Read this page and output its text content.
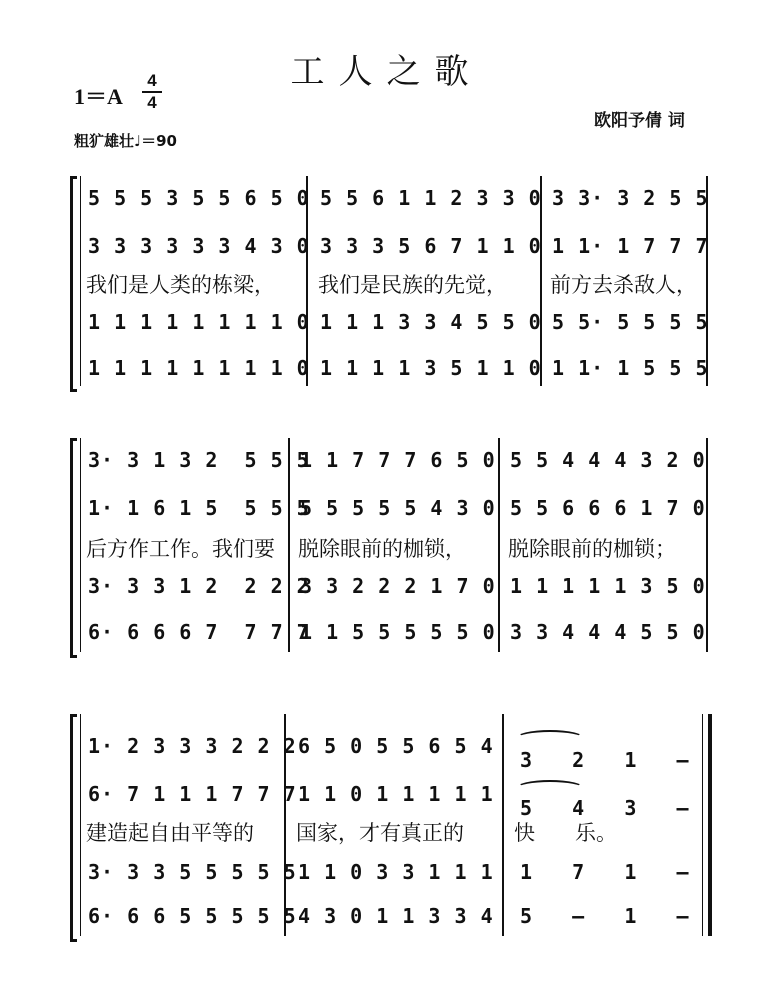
工人之歌
1＝A
4
4
粗犷雄壮♩＝90
欧阳予倩 词
5 5 5 3 5 5 6 5 0 5 5 6 1 1 2 3 3 0 3 3· 3 2 5 5
3 3 3 3 3 3 4 3 0 3 3 3 5 6 7 1 1 0 1 1· 1 7 7 7
我们是人类的栋梁， 我们是民族的先觉， 前方去杀敌人，
1 1 1 1 1 1 1 1 0 1 1 1 3 3 4 5 5 0 5 5· 5 5 5 5
1 1 1 1 1 1 1 1 0 1 1 1 1 3 5 1 1 0 1 1· 1 5 5 5
3· 3 1 3 2  5 5 5
1 1 7 7 7 6 5 0 5 5 4 4 4 3 2 0
1· 1 6 1 5  5 5 5
5 5 5 5 5 4 3 0 5 5 6 6 6 1 7 0
后方作工作。我们要 脱除眼前的枷锁， 脱除眼前的枷锁；
3· 3 3 1 2  2 2 2
3 3 2 2 2 1 7 0 1 1 1 1 1 3 5 0
6· 6 6 6 7  7 7 7
1 1 5 5 5 5 5 0 3 3 4 4 4 5 5 0
1· 2 3 3 3 2 2 2 6 5 0 5 5 6 5 4
3   2   1   —
6· 7 1 1 1 7 7 7 1 1 0 1 1 1 1 1
5   4   3   —
建造起自由平等的 国家，才有真正的 快      乐。
3· 3 3 5 5 5 5 5 1 1 0 3 3 1 1 1 1   7   1   —
6· 6 6 5 5 5 5 5 4 3 0 1 1 3 3 4 5   —   1   —
